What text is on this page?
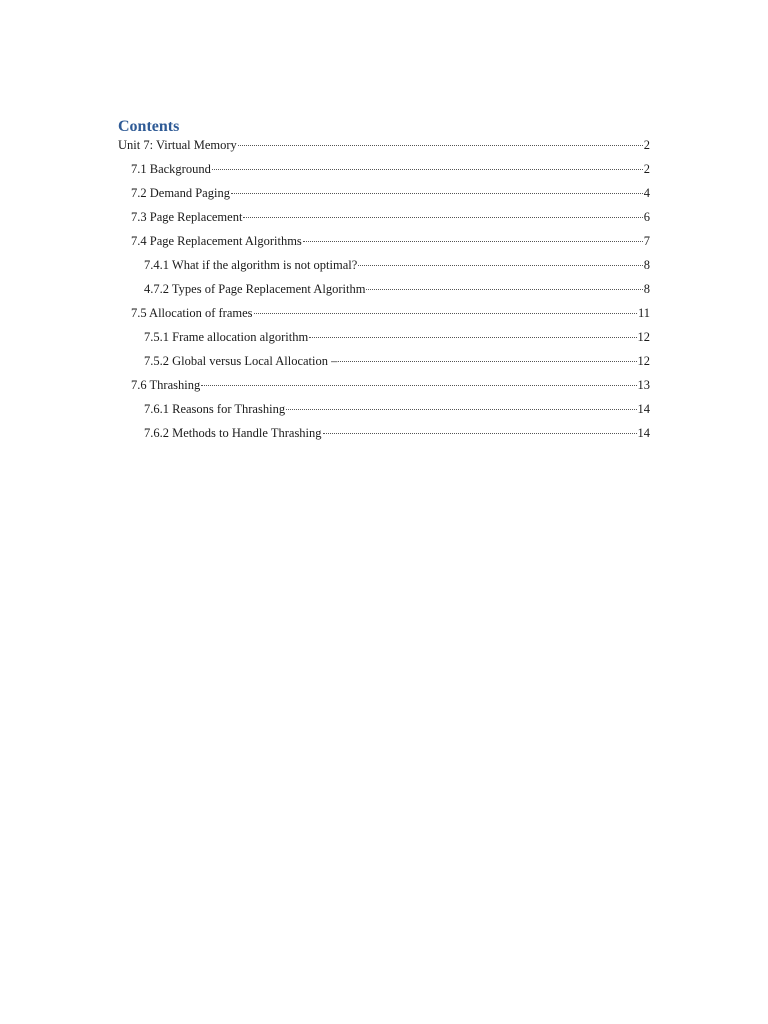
Contents
Unit 7: Virtual Memory	2
7.1 Background	2
7.2 Demand Paging	4
7.3 Page Replacement	6
7.4 Page Replacement Algorithms	7
7.4.1 What if the algorithm is not optimal?	8
4.7.2 Types of Page Replacement Algorithm	8
7.5 Allocation of frames	11
7.5.1 Frame allocation algorithm	12
7.5.2 Global versus Local Allocation –	12
7.6 Thrashing	13
7.6.1 Reasons for Thrashing	14
7.6.2 Methods to Handle Thrashing	14
